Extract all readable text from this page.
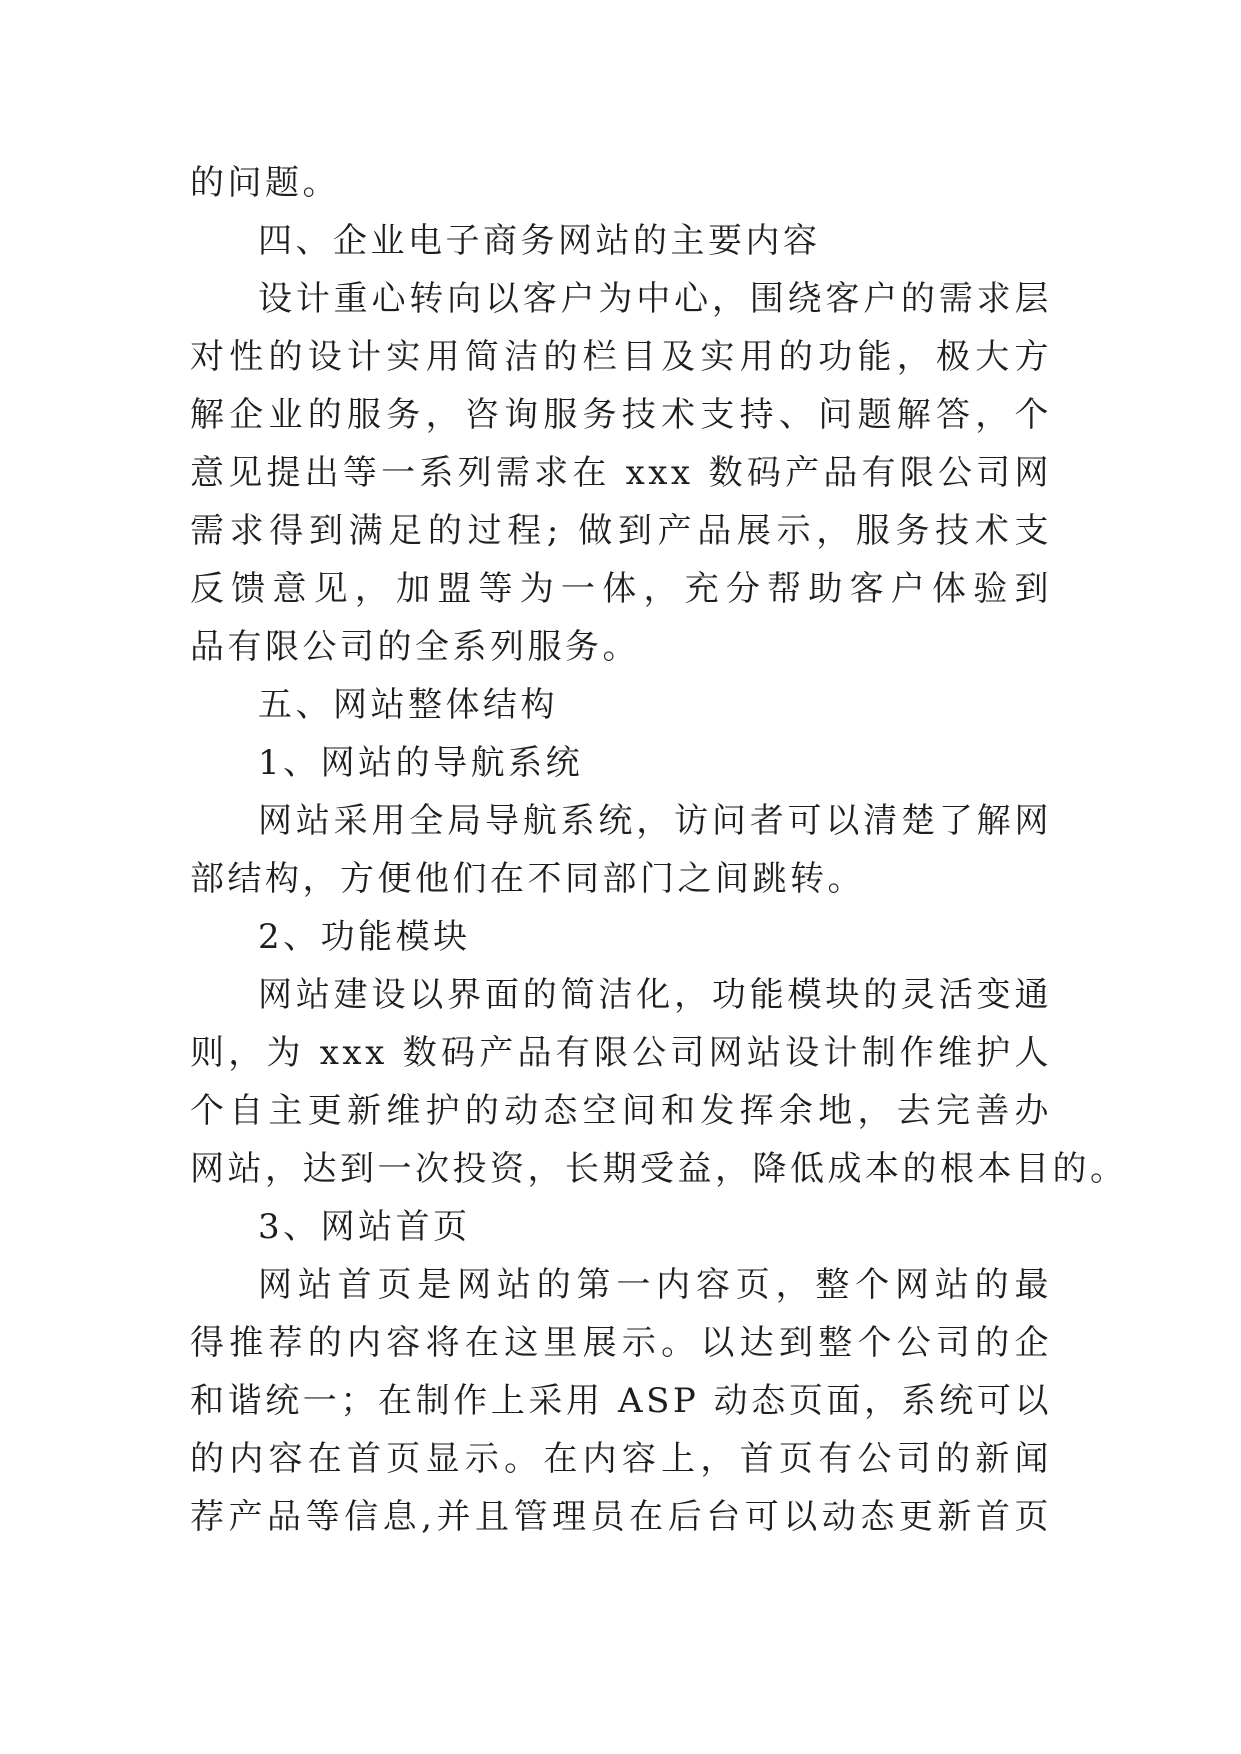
的问题。
四、企业电子商务网站的主要内容
设计重心转向以客户为中心，围绕客户的需求层
对性的设计实用简洁的栏目及实用的功能，极大方
解企业的服务，咨询服务技术支持、问题解答，个
意见提出等一系列需求在 xxx 数码产品有限公司网
需求得到满足的过程; 做到产品展示，服务技术支
反馈意见，加盟等为一体，充分帮助客户体验到
品有限公司的全系列服务。
五、网站整体结构
1、网站的导航系统
网站采用全局导航系统，访问者可以清楚了解网
部结构，方便他们在不同部门之间跳转。
2、功能模块
网站建设以界面的简洁化，功能模块的灵活变通
则，为 xxx 数码产品有限公司网站设计制作维护人
个自主更新维护的动态空间和发挥余地，去完善办
网站，达到一次投资，长期受益，降低成本的根本目的。
3、网站首页
网站首页是网站的第一内容页，整个网站的最
得推荐的内容将在这里展示。以达到整个公司的企
和谐统一；在制作上采用 ASP 动态页面，系统可以
的内容在首页显示。在内容上，首页有公司的新闻
荐产品等信息,并且管理员在后台可以动态更新首页
